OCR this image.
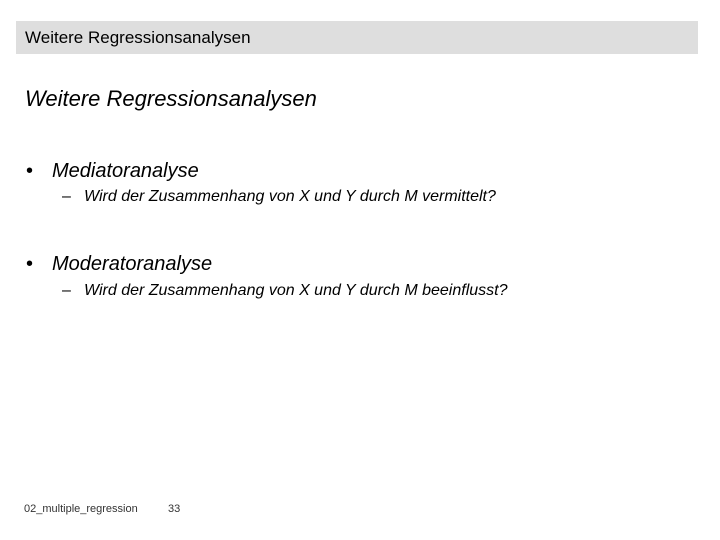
Weitere Regressionsanalysen
Weitere Regressionsanalysen
• Mediatoranalyse
– Wird der Zusammenhang von X und Y durch M vermittelt?
• Moderatoranalyse
– Wird der Zusammenhang von X und Y durch M beeinflusst?
02_multiple_regression	33
